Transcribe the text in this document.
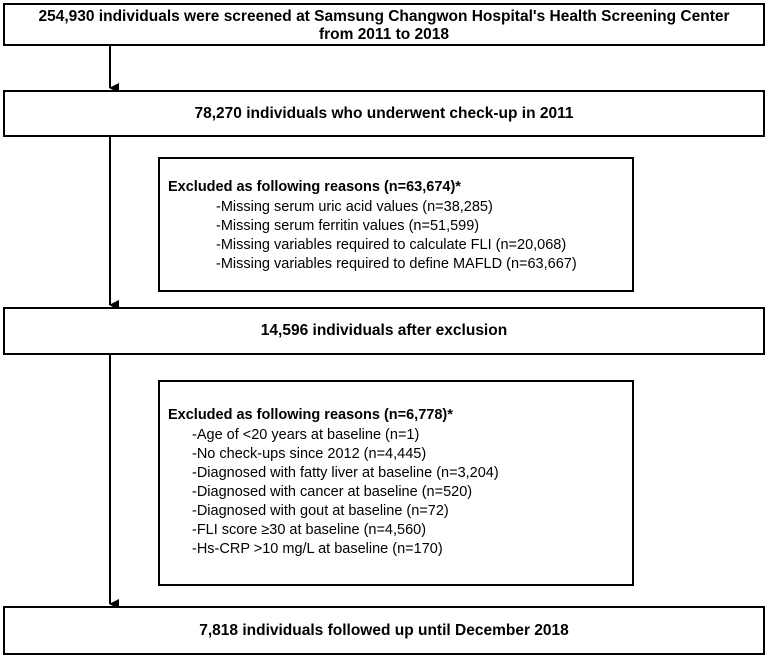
254,930 individuals were screened at Samsung Changwon Hospital's Health Screening Center
from 2011 to 2018
78,270 individuals who underwent check-up in 2011
Excluded as following reasons (n=63,674)*
-Missing serum uric acid values (n=38,285)
-Missing serum ferritin values (n=51,599)
-Missing variables required to calculate FLI (n=20,068)
-Missing variables required to define MAFLD (n=63,667)
14,596 individuals after exclusion
Excluded as following reasons (n=6,778)*
-Age of <20 years at baseline (n=1)
-No check-ups since 2012 (n=4,445)
-Diagnosed with fatty liver at baseline (n=3,204)
-Diagnosed with cancer at baseline (n=520)
-Diagnosed with gout at baseline (n=72)
-FLI score ≥30 at baseline (n=4,560)
-Hs-CRP >10 mg/L at baseline (n=170)
7,818 individuals followed up until December 2018
